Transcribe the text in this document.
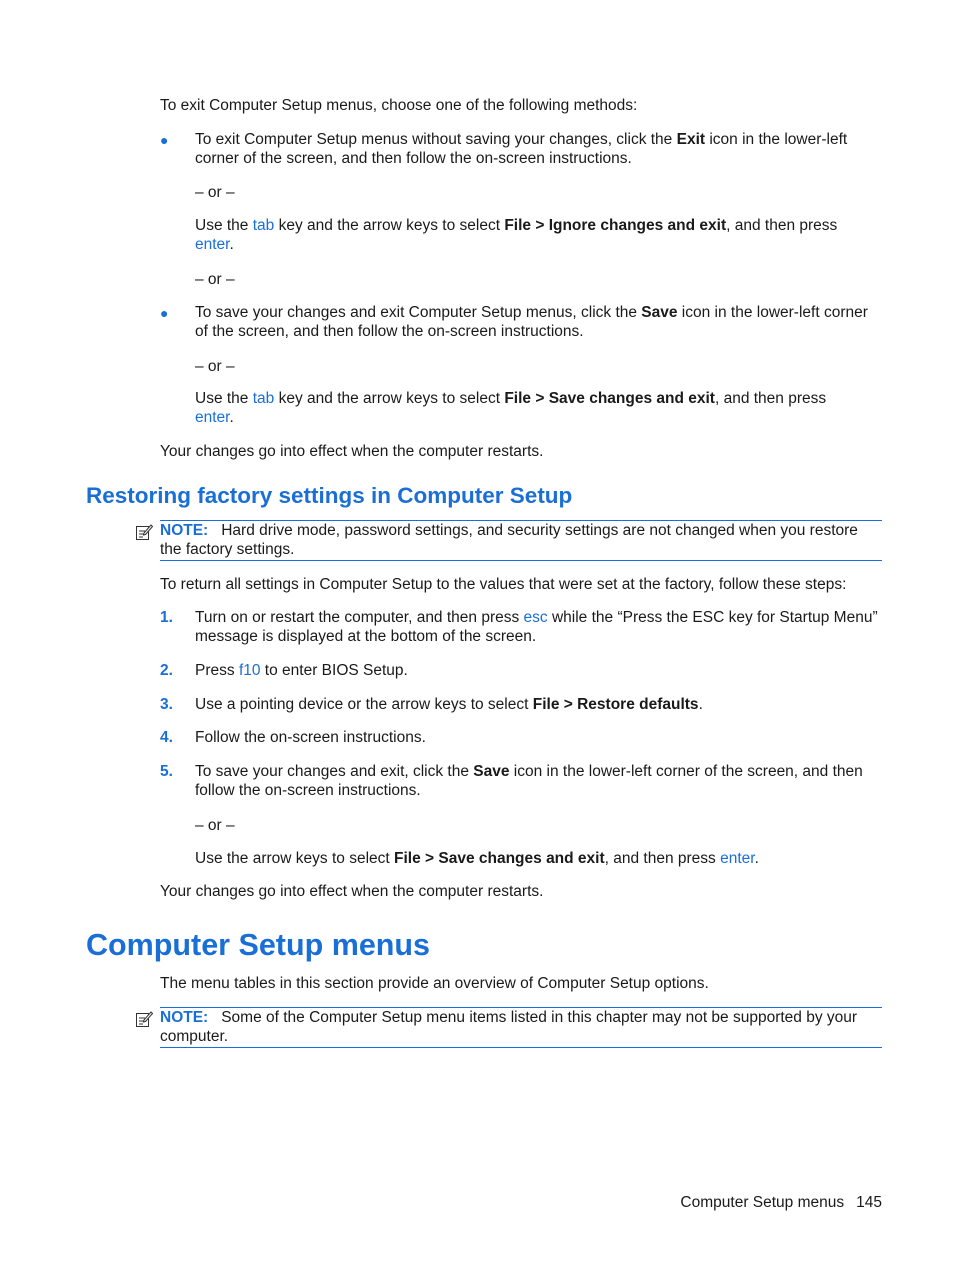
To exit Computer Setup menus, choose one of the following methods:
● To exit Computer Setup menus without saving your changes, click the Exit icon in the lower-left
corner of the screen, and then follow the on-screen instructions.
– or –
Use the tab key and the arrow keys to select File > Ignore changes and exit, and then press
enter.
– or –
● To save your changes and exit Computer Setup menus, click the Save icon in the lower-left corner
of the screen, and then follow the on-screen instructions.
– or –
Use the tab key and the arrow keys to select File > Save changes and exit, and then press
enter.
Your changes go into effect when the computer restarts.
Restoring factory settings in Computer Setup
NOTE: Hard drive mode, password settings, and security settings are not changed when you restore
the factory settings.
To return all settings in Computer Setup to the values that were set at the factory, follow these steps:
1. Turn on or restart the computer, and then press esc while the “Press the ESC key for Startup Menu”
message is displayed at the bottom of the screen.
2. Press f10 to enter BIOS Setup.
3. Use a pointing device or the arrow keys to select File > Restore defaults.
4. Follow the on-screen instructions.
5. To save your changes and exit, click the Save icon in the lower-left corner of the screen, and then
follow the on-screen instructions.
– or –
Use the arrow keys to select File > Save changes and exit, and then press enter.
Your changes go into effect when the computer restarts.
Computer Setup menus
The menu tables in this section provide an overview of Computer Setup options.
NOTE: Some of the Computer Setup menu items listed in this chapter may not be supported by your
computer.
Computer Setup menus 145
